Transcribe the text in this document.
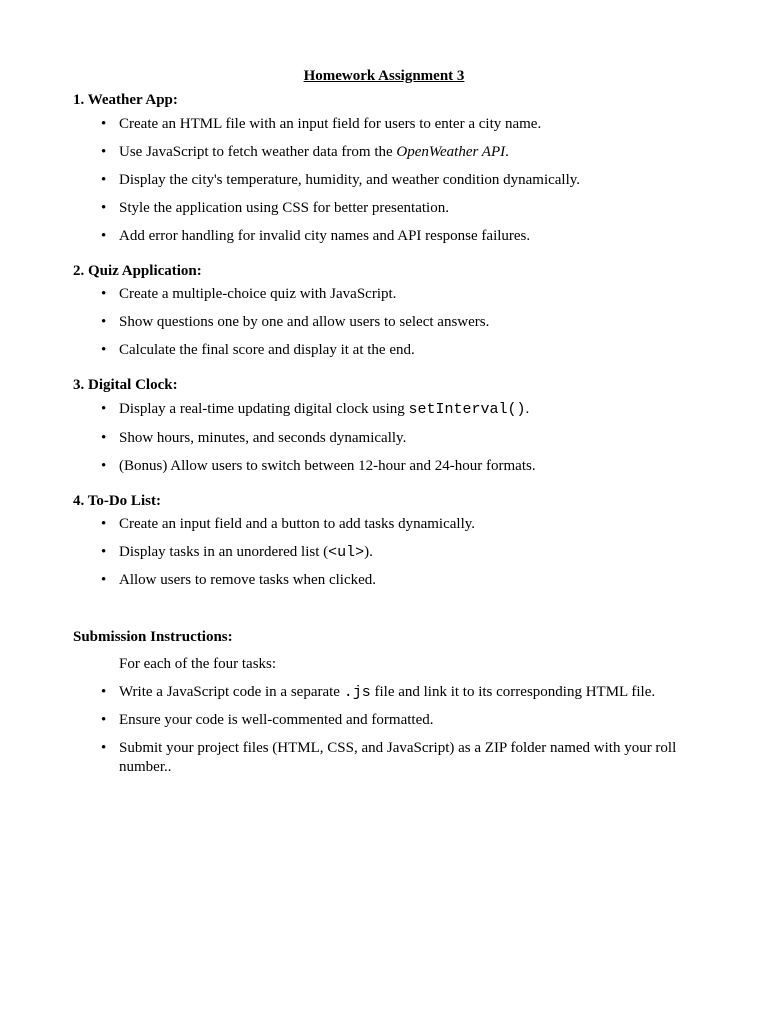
Homework Assignment 3
1. Weather App:
• Create an HTML file with an input field for users to enter a city name.
• Use JavaScript to fetch weather data from the OpenWeather API.
• Display the city's temperature, humidity, and weather condition dynamically.
• Style the application using CSS for better presentation.
• Add error handling for invalid city names and API response failures.
2. Quiz Application:
• Create a multiple-choice quiz with JavaScript.
• Show questions one by one and allow users to select answers.
• Calculate the final score and display it at the end.
3. Digital Clock:
• Display a real-time updating digital clock using setInterval().
• Show hours, minutes, and seconds dynamically.
• (Bonus) Allow users to switch between 12-hour and 24-hour formats.
4. To-Do List:
• Create an input field and a button to add tasks dynamically.
• Display tasks in an unordered list (<ul>).
• Allow users to remove tasks when clicked.
Submission Instructions:
For each of the four tasks:
• Write a JavaScript code in a separate .js file and link it to its corresponding HTML file.
• Ensure your code is well-commented and formatted.
• Submit your project files (HTML, CSS, and JavaScript) as a ZIP folder named with your roll number..
